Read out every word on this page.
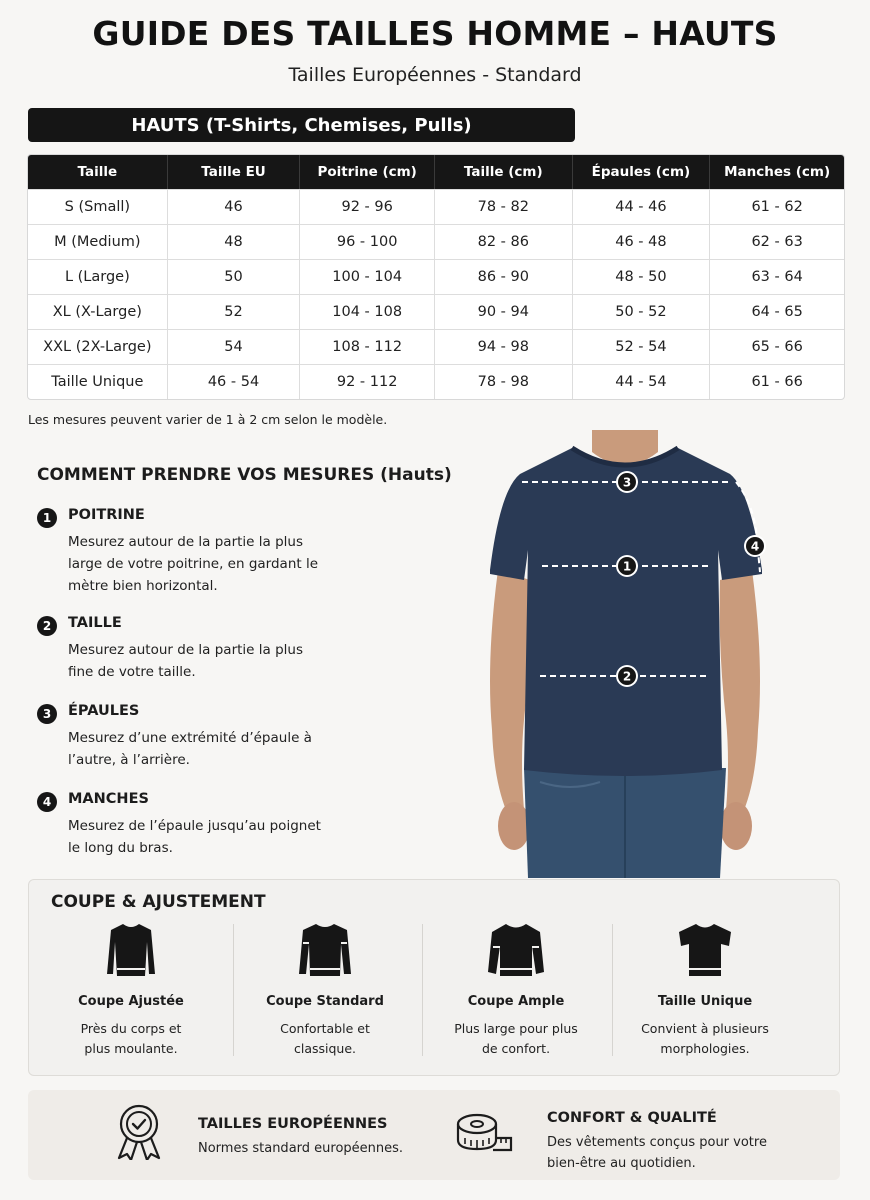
GUIDE DES TAILLES HOMME – HAUTS
Tailles Européennes - Standard
HAUTS (T-Shirts, Chemises, Pulls)
Taille	Taille EU	Poitrine (cm)	Taille (cm)	Épaules (cm)	Manches (cm)
S (Small)	46	92 - 96	78 - 82	44 - 46	61 - 62
M (Medium)	48	96 - 100	82 - 86	46 - 48	62 - 63
L (Large)	50	100 - 104	86 - 90	48 - 50	63 - 64
XL (X-Large)	52	104 - 108	90 - 94	50 - 52	64 - 65
XXL (2X-Large)	54	108 - 112	94 - 98	52 - 54	65 - 66
Taille Unique	46 - 54	92 - 112	78 - 98	44 - 54	61 - 66
Les mesures peuvent varier de 1 à 2 cm selon le modèle.
COMMENT PRENDRE VOS MESURES (Hauts)
1	POITRINE
Mesurez autour de la partie la plus large de votre poitrine, en gardant le mètre bien horizontal.
2	TAILLE
Mesurez autour de la partie la plus fine de votre taille.
3	ÉPAULES
Mesurez d’une extrémité d’épaule à l’autre, à l’arrière.
4	MANCHES
Mesurez de l’épaule jusqu’au poignet le long du bras.
3
1
2
4
COUPE & AJUSTEMENT
Coupe Ajustée
Près du corps et plus moulante.
Coupe Standard
Confortable et classique.
Coupe Ample
Plus large pour plus de confort.
Taille Unique
Convient à plusieurs morphologies.
TAILLES EUROPÉENNES
Normes standard européennes.
CONFORT & QUALITÉ
Des vêtements conçus pour votre bien-être au quotidien.
